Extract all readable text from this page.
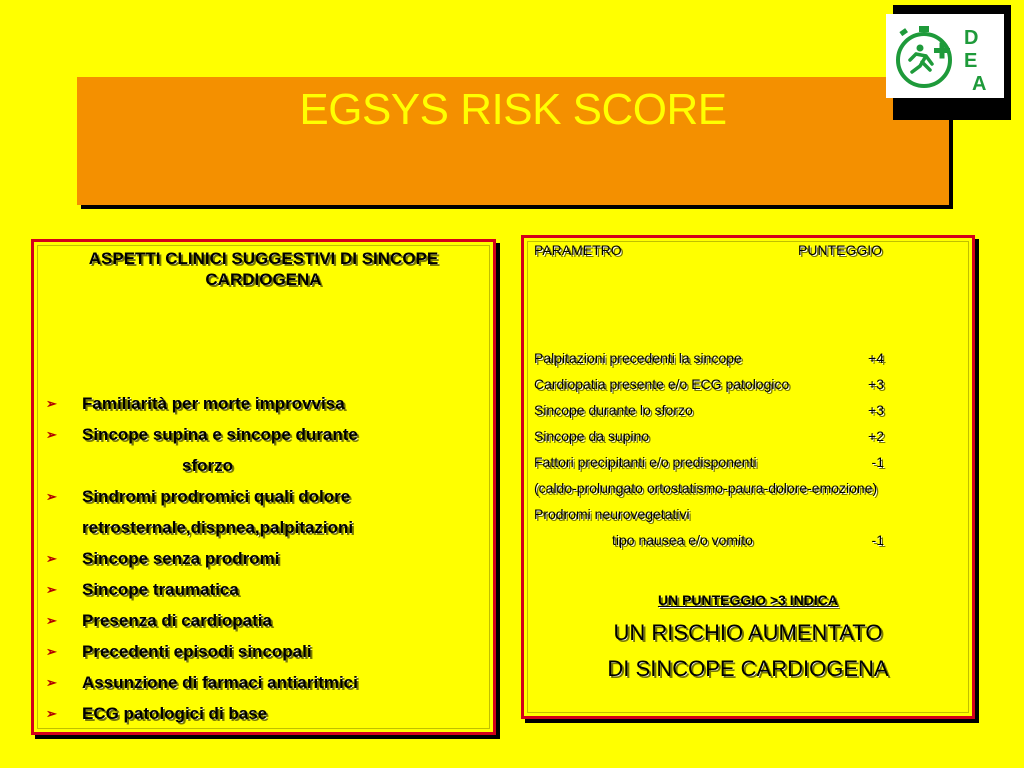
EGSYS RISK SCORE
D
E
A
ASPETTI CLINICI SUGGESTIVI DI SINCOPE
CARDIOGENA
➢ Familiarità per morte improvvisa
➢ Sincope supina e sincope durante
sforzo
➢ Sindromi prodromici quali dolore
retrosternale,dispnea,palpitazioni
➢ Sincope senza prodromi
➢ Sincope traumatica
➢ Presenza di cardiopatia
➢ Precedenti episodi sincopali
➢ Assunzione di farmaci antiaritmici
➢ ECG patologici di base
PARAMETRO	PUNTEGGIO
Palpitazioni precedenti la sincope	+4
Cardiopatia presente e/o ECG patologico	+3
Sincope durante lo sforzo	+3
Sincope da supino	+2
Fattori precipitanti e/o predisponenti	-1
(caldo-prolungato ortostatismo-paura-dolore-emozione)
Prodromi neurovegetativi
tipo nausea e/o vomito	-1
UN PUNTEGGIO >3 INDICA
UN RISCHIO AUMENTATO
DI SINCOPE CARDIOGENA
